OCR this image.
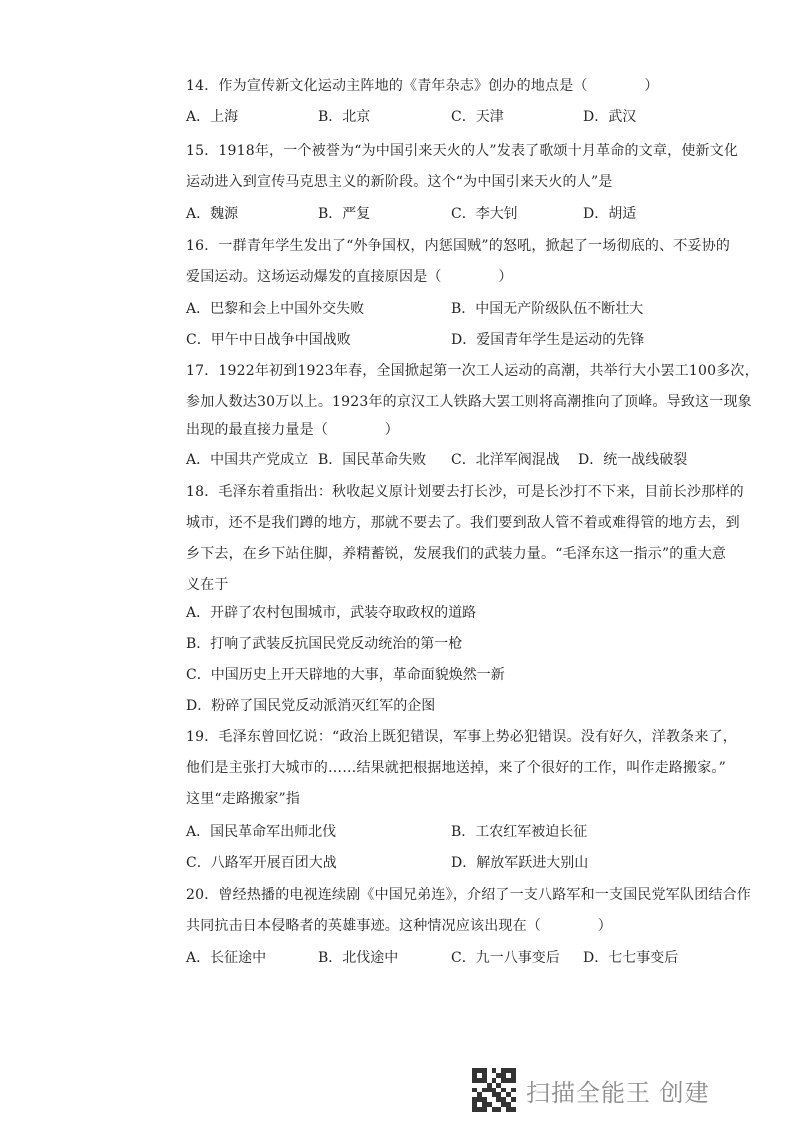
14．作为宣传新文化运动主阵地的《青年杂志》创办的地点是（　　　　）
A．上海	B．北京	C．天津	D．武汉
15．1918年，一个被誉为“为中国引来天火的人”发表了歌颂十月革命的文章，使新文化
运动进入到宣传马克思主义的新阶段。这个“为中国引来天火的人”是
A．魏源	B．严复	C．李大钊	D．胡适
16．一群青年学生发出了“外争国权，内惩国贼”的怒吼，掀起了一场彻底的、不妥协的
爱国运动。这场运动爆发的直接原因是（　　　　）
A．巴黎和会上中国外交失败	B．中国无产阶级队伍不断壮大
C．甲午中日战争中国战败	D．爱国青年学生是运动的先锋
17．1922年初到1923年春，全国掀起第一次工人运动的高潮，共举行大小罢工100多次，
参加人数达30万以上。1923年的京汉工人铁路大罢工则将高潮推向了顶峰。导致这一现象
出现的最直接力量是（　　　　）
A．中国共产党成立 B．国民革命失败 C．北洋军阀混战 D．统一战线破裂
18．毛泽东着重指出：秋收起义原计划要去打长沙，可是长沙打不下来，目前长沙那样的
城市，还不是我们蹲的地方，那就不要去了。我们要到敌人管不着或难得管的地方去，到
乡下去，在乡下站住脚，养精蓄锐，发展我们的武装力量。“毛泽东这一指示”的重大意
义在于
A．开辟了农村包围城市，武装夺取政权的道路
B．打响了武装反抗国民党反动统治的第一枪
C．中国历史上开天辟地的大事，革命面貌焕然一新
D．粉碎了国民党反动派消灭红军的企图
19．毛泽东曾回忆说：“政治上既犯错误，军事上势必犯错误。没有好久，洋教条来了，
他们是主张打大城市的……结果就把根据地送掉，来了个很好的工作，叫作走路搬家。”
这里“走路搬家”指
A．国民革命军出师北伐	B．工农红军被迫长征
C．八路军开展百团大战	D．解放军跃进大别山
20．曾经热播的电视连续剧《中国兄弟连》，介绍了一支八路军和一支国民党军队团结合作
共同抗击日本侵略者的英雄事迹。这种情况应该出现在（　　　　）
A．长征途中	B．北伐途中	C．九一八事变后 D．七七事变后
扫描全能王 创建
